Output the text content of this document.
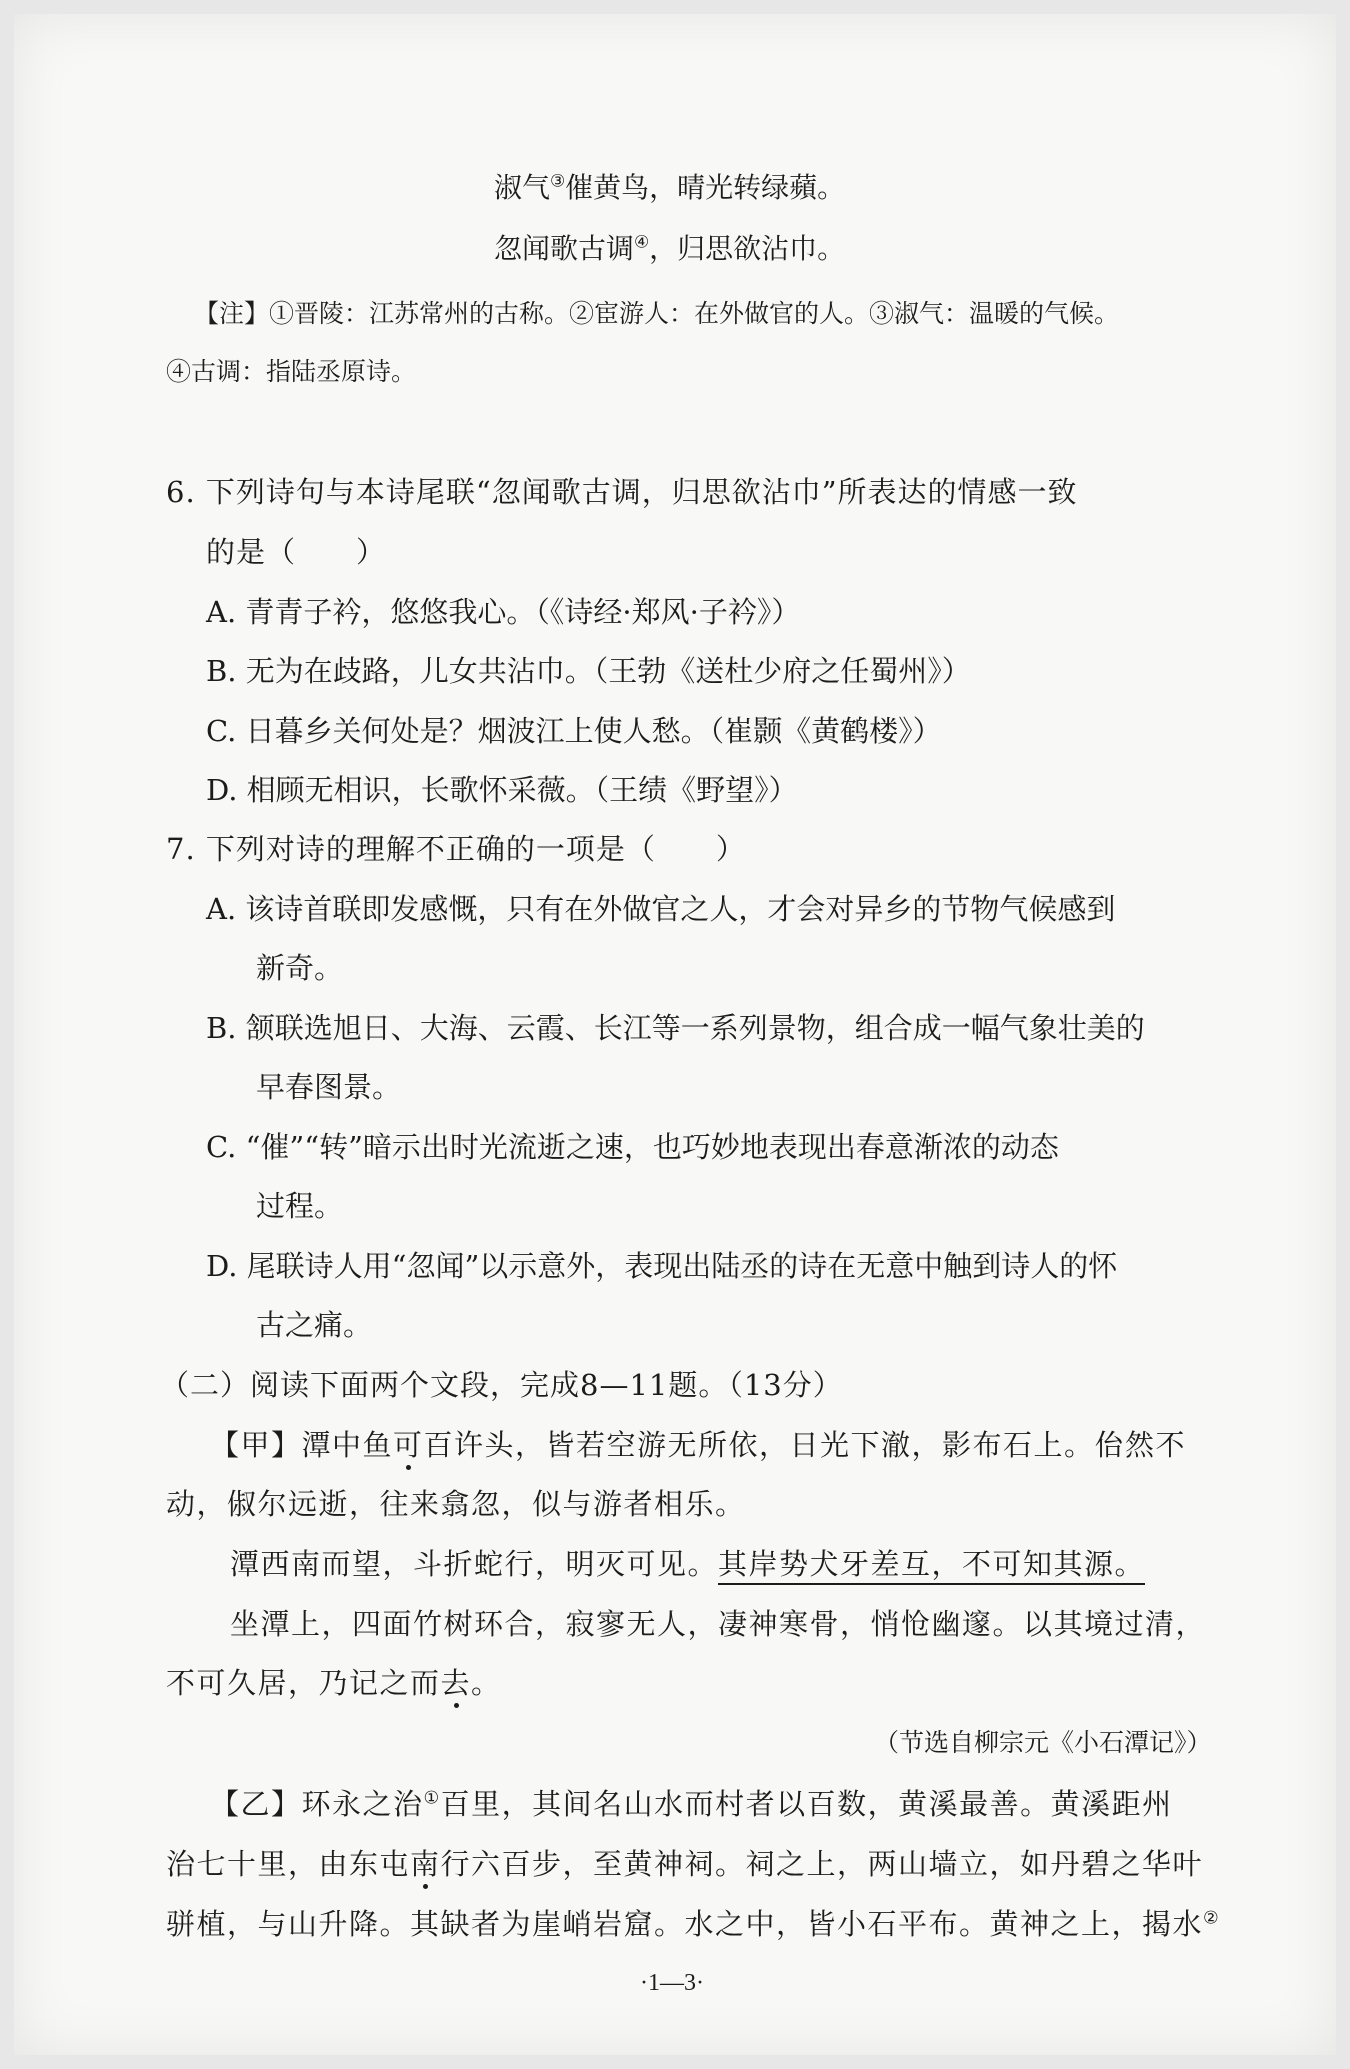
淑气③催黄鸟，晴光转绿蘋。
忽闻歌古调④，归思欲沾巾。
【注】①晋陵：江苏常州的古称。②宦游人：在外做官的人。③淑气：温暖的气候。
④古调：指陆丞原诗。
6. 下列诗句与本诗尾联“忽闻歌古调，归思欲沾巾”所表达的情感一致
的是（　　）
A. 青青子衿，悠悠我心。（《诗经·郑风·子衿》）
B. 无为在歧路，儿女共沾巾。（王勃《送杜少府之任蜀州》）
C. 日暮乡关何处是？烟波江上使人愁。（崔颢《黄鹤楼》）
D. 相顾无相识，长歌怀采薇。（王绩《野望》）
7. 下列对诗的理解不正确的一项是（　　）
A. 该诗首联即发感慨，只有在外做官之人，才会对异乡的节物气候感到
新奇。
B. 颔联选旭日、大海、云霞、长江等一系列景物，组合成一幅气象壮美的
早春图景。
C. “催”“转”暗示出时光流逝之速，也巧妙地表现出春意渐浓的动态
过程。
D. 尾联诗人用“忽闻”以示意外，表现出陆丞的诗在无意中触到诗人的怀
古之痛。
（二）阅读下面两个文段，完成8—11题。（13分）
【甲】潭中鱼可百许头，皆若空游无所依，日光下澈，影布石上。佁然不
动，俶尔远逝，往来翕忽，似与游者相乐。
潭西南而望，斗折蛇行，明灭可见。其岸势犬牙差互，不可知其源。
坐潭上，四面竹树环合，寂寥无人，凄神寒骨，悄怆幽邃。以其境过清，
不可久居，乃记之而去。
（节选自柳宗元《小石潭记》）
【乙】环永之治①百里，其间名山水而村者以百数，黄溪最善。黄溪距州
治七十里，由东屯南行六百步，至黄神祠。祠之上，两山墙立，如丹碧之华叶
骈植，与山升降。其缺者为崖峭岩窟。水之中，皆小石平布。黄神之上，揭水②
·1—3·
